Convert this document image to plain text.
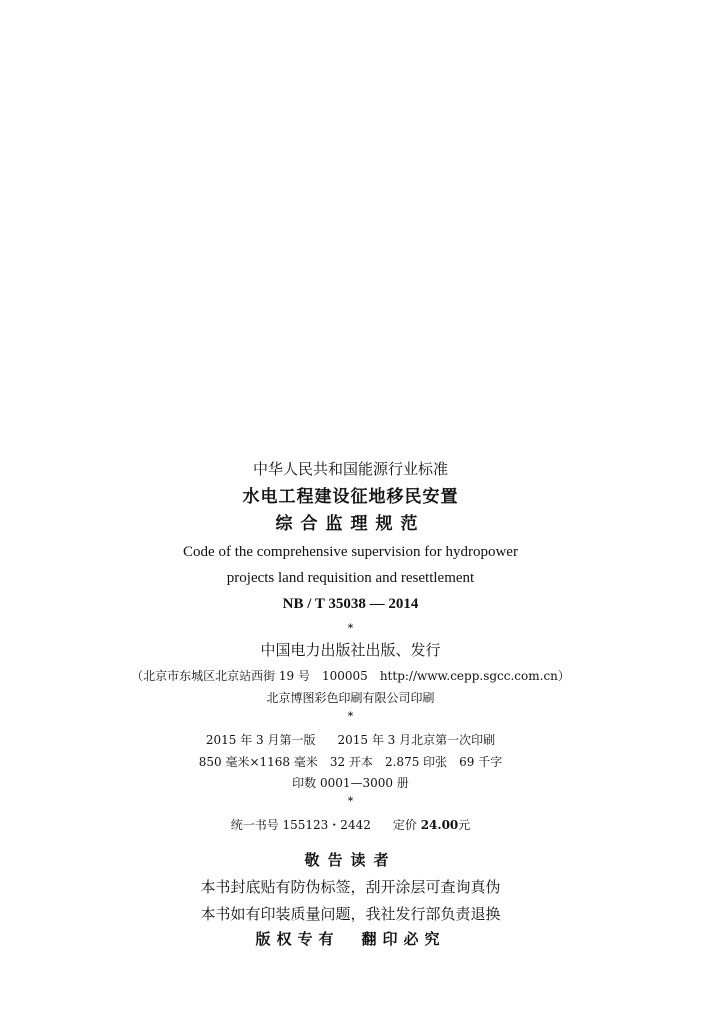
中华人民共和国能源行业标准
水电工程建设征地移民安置
综合监理规范
Code of the comprehensive supervision for hydropower
projects land requisition and resettlement
NB / T 35038 — 2014
*
中国电力出版社出版、发行
（北京市东城区北京站西街 19 号　100005　http://www.cepp.sgcc.com.cn）
北京博图彩色印刷有限公司印刷
*
2015 年 3 月第一版 2015 年 3 月北京第一次印刷
850 毫米×1168 毫米 32 开本 2.875 印张 69 千字
印数 0001—3000 册
*
统一书号 155123・2442 定价 24.00元
敬告读者
本书封底贴有防伪标签，刮开涂层可查询真伪
本书如有印装质量问题，我社发行部负责退换
版权专有 翻印必究
